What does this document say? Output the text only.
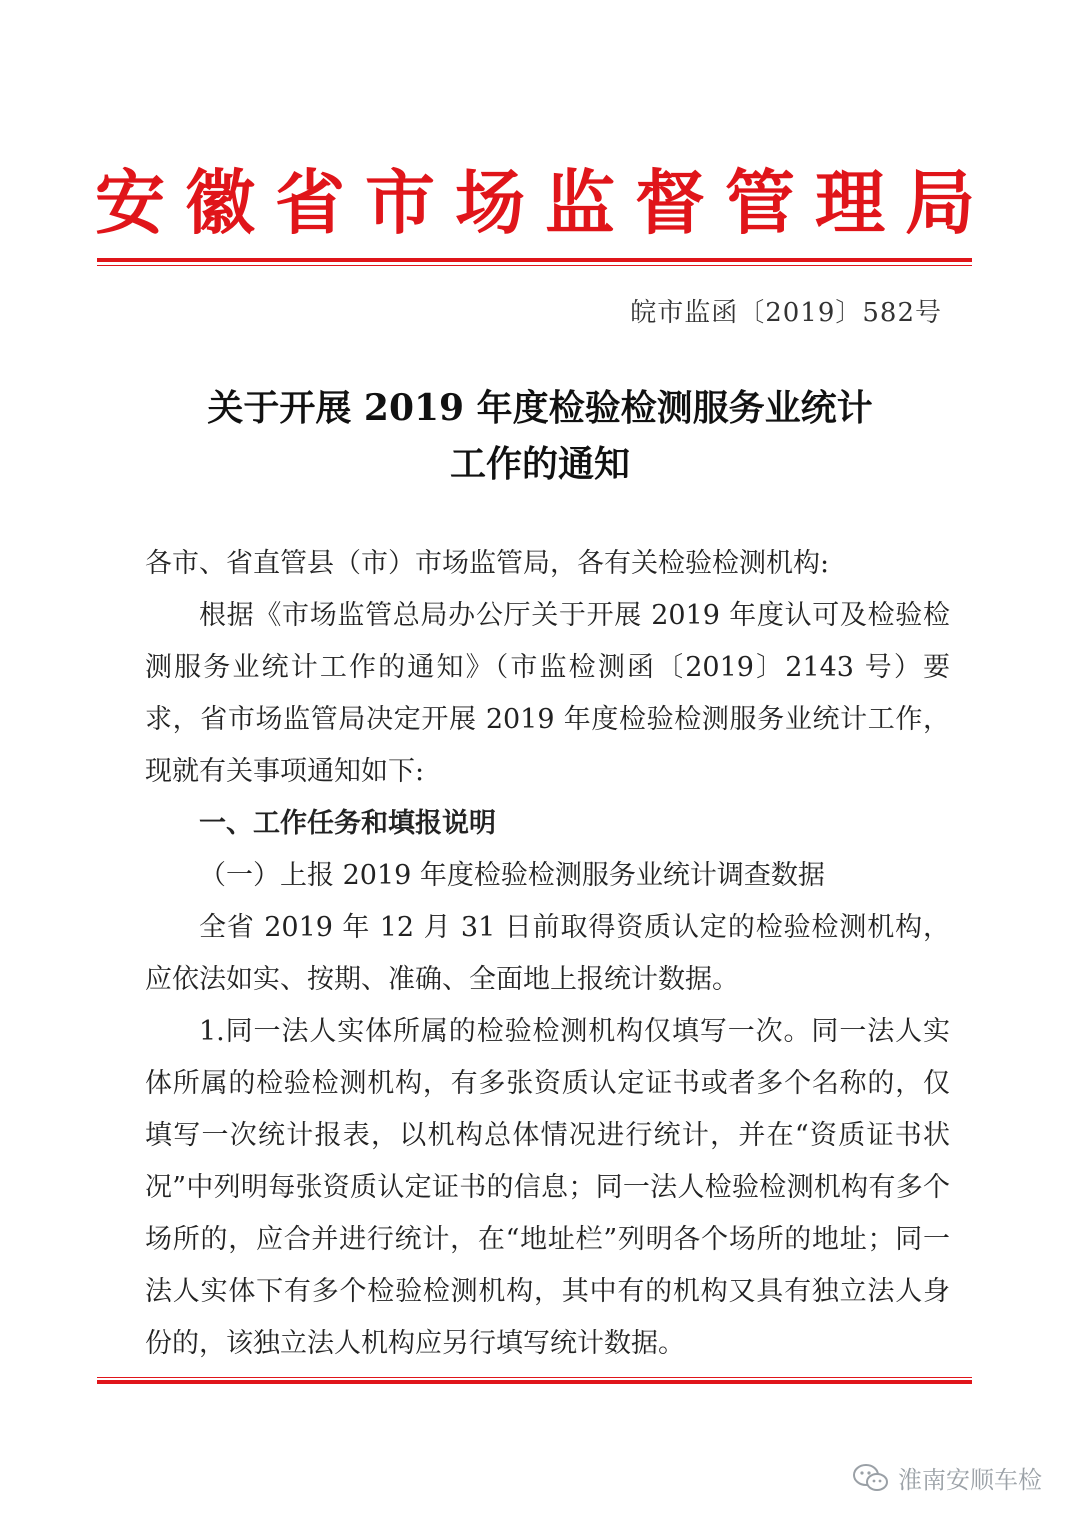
安 徽 省 市 场 监 督 管 理 局
皖市监函〔2019〕582号
关于开展 2019 年度检验检测服务业统计
工作的通知

各市、省直管县（市）市场监管局，各有关检验检测机构:

根据《市场监管总局办公厅关于开展 2019 年度认可及检验检测服务业统计工作的通知》（市监检测函〔2019〕2143 号）要求，省市场监管局决定开展 2019 年度检验检测服务业统计工作，现就有关事项通知如下:

一、工作任务和填报说明

（一）上报 2019 年度检验检测服务业统计调查数据

全省 2019 年 12 月 31 日前取得资质认定的检验检测机构，应依法如实、按期、准确、全面地上报统计数据。

1.同一法人实体所属的检验检测机构仅填写一次。同一法人实体所属的检验检测机构，有多张资质认定证书或者多个名称的，仅填写一次统计报表，以机构总体情况进行统计，并在“资质证书状况”中列明每张资质认定证书的信息；同一法人检验检测机构有多个场所的，应合并进行统计，在“地址栏”列明各个场所的地址；同一法人实体下有多个检验检测机构，其中有的机构又具有独立法人身份的，该独立法人机构应另行填写统计数据。

淮南安顺车检
